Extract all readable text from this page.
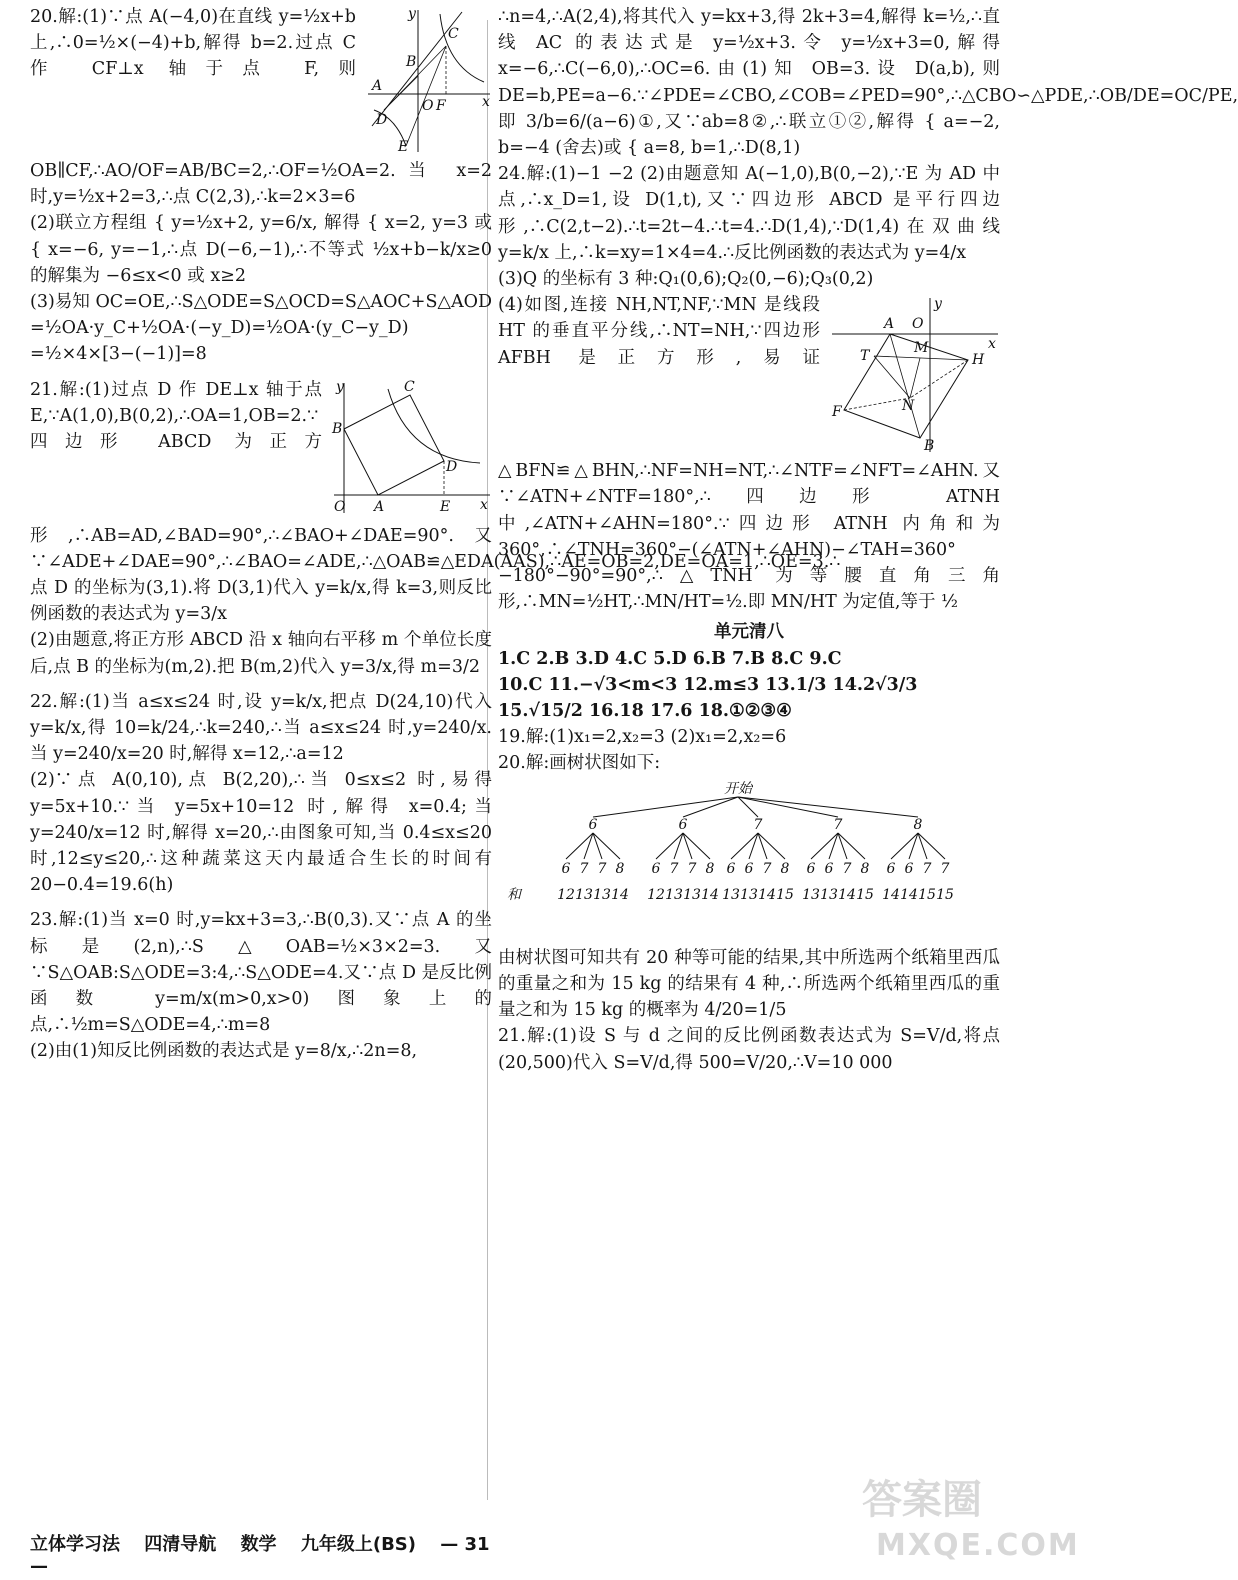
y
C
B
A
O F	x
D
E

20.解:(1)∵点 A(−4,0)在直线 y=½x+b 上,∴0=½×(−4)+b,解得 b=2.过点 C 作 CF⊥x 轴于点 F,则 OB∥CF,∴AO/OF=AB/BC=2,∴OF=½OA=2.当 x=2 时,y=½x+2=3,∴点 C(2,3),∴k=2×3=6

(2)联立方程组 { y=½x+2, y=6/x, 解得 { x=2, y=3 或 { x=−6, y=−1,∴点 D(−6,−1),∴不等式 ½x+b−k/x≥0 的解集为 −6≤x<0 或 x≥2

(3)易知 OC=OE,∴S△ODE=S△OCD=S△AOC+S△AOD =½OA·y_C+½OA·(−y_D)=½OA·(y_C−y_D) =½×4×[3−(−1)]=8

y	C
B
D
O A	E x

21.解:(1)过点 D 作 DE⊥x 轴于点 E,∵A(1,0),B(0,2),∴OA=1,OB=2.∵四边形 ABCD 为正方形,∴AB=AD,∠BAD=90°,∴∠BAO+∠DAE=90°.又∵∠ADE+∠DAE=90°,∴∠BAO=∠ADE,∴△OAB≌△EDA(AAS),∴AE=OB=2,DE=OA=1,∴OE=3.∴点 D 的坐标为(3,1).将 D(3,1)代入 y=k/x,得 k=3,则反比例函数的表达式为 y=3/x

(2)由题意,将正方形 ABCD 沿 x 轴向右平移 m 个单位长度后,点 B 的坐标为(m,2).把 B(m,2)代入 y=3/x,得 m=3/2

22.解:(1)当 a≤x≤24 时,设 y=k/x,把点 D(24,10)代入 y=k/x,得 10=k/24,∴k=240,∴当 a≤x≤24 时,y=240/x.当 y=240/x=20 时,解得 x=12,∴a=12

(2)∵点 A(0,10),点 B(2,20),∴当 0≤x≤2 时,易得 y=5x+10.∵当 y=5x+10=12 时,解得 x=0.4;当 y=240/x=12 时,解得 x=20,∴由图象可知,当 0.4≤x≤20 时,12≤y≤20,∴这种蔬菜这天内最适合生长的时间有 20−0.4=19.6(h)

23.解:(1)当 x=0 时,y=kx+3=3,∴B(0,3).又∵点 A 的坐标是(2,n),∴S△OAB=½×3×2=3.又∵S△OAB:S△ODE=3:4,∴S△ODE=4.又∵点 D 是反比例函数 y=m/x(m>0,x>0)图象上的点,∴½m=S△ODE=4,∴m=8

(2)由(1)知反比例函数的表达式是 y=8/x,∴2n=8,

∴n=4,∴A(2,4),将其代入 y=kx+3,得 2k+3=4,解得 k=½,∴直线 AC 的表达式是 y=½x+3.令 y=½x+3=0,解得 x=−6,∴C(−6,0),∴OC=6.由(1)知 OB=3.设 D(a,b),则 DE=b,PE=a−6.∵∠PDE=∠CBO,∠COB=∠PED=90°,∴△CBO∽△PDE,∴OB/DE=OC/PE,即 3/b=6/(a−6)①,又∵ab=8②,∴联立①②,解得 { a=−2, b=−4 (舍去)或 { a=8, b=1,∴D(8,1)

24.解:(1)−1 −2 (2)由题意知 A(−1,0),B(0,−2),∵E 为 AD 中点,∴x_D=1,设 D(1,t),又∵四边形 ABCD 是平行四边形,∴C(2,t−2).∴t=2t−4.∴t=4.∴D(1,4),∵D(1,4)在双曲线 y=k/x 上,∴k=xy=1×4=4.∴反比例函数的表达式为 y=4/x

(3)Q 的坐标有 3 种:Q₁(0,6);Q₂(0,−6);Q₃(0,2)

y
A O
x
T	M
H
N
F
B

(4)如图,连接 NH,NT,NF,∵MN 是线段 HT 的垂直平分线,∴NT=NH,∵四边形 AFBH 是正方形,易证△BFN≌△BHN,∴NF=NH=NT,∴∠NTF=∠NFT=∠AHN.又∵∠ATN+∠NTF=180°,∴四边形 ATNH 中,∠ATN+∠AHN=180°.∵四边形 ATNH 内角和为 360°,∴∠TNH=360°−(∠ATN+∠AHN)−∠TAH=360°−180°−90°=90°,∴△TNH 为等腰直角三角形,∴MN=½HT,∴MN/HT=½.即 MN/HT 为定值,等于 ½

单元清八

1.C 2.B 3.D 4.C 5.D 6.B 7.B 8.C 9.C

10.C 11.−√3<m<3 12.m≤3 13.1/3 14.2√3/3

15.√15/2 16.18 17.6 18.①②③④

19.解:(1)x₁=2,x₂=3 (2)x₁=2,x₂=6

20.解:画树状图如下:

开始
6
6
12
7
13
7
13
8
14
6
6
12
7
13
7
13
8
14
7
6
13
6
13
7
14
8
15
7
6
13
6
13
7
14
8
15
8
6
14
6
14
7
15
7
15
和

由树状图可知共有 20 种等可能的结果,其中所选两个纸箱里西瓜的重量之和为 15 kg 的结果有 4 种,∴所选两个纸箱里西瓜的重量之和为 15 kg 的概率为 4/20=1/5

21.解:(1)设 S 与 d 之间的反比例函数表达式为 S=V/d,将点(20,500)代入 S=V/d,得 500=V/20,∴V=10 000

立体学习法 四清导航 数学 九年级上(BS) — 31 —
答案圈
MXQE.COM
